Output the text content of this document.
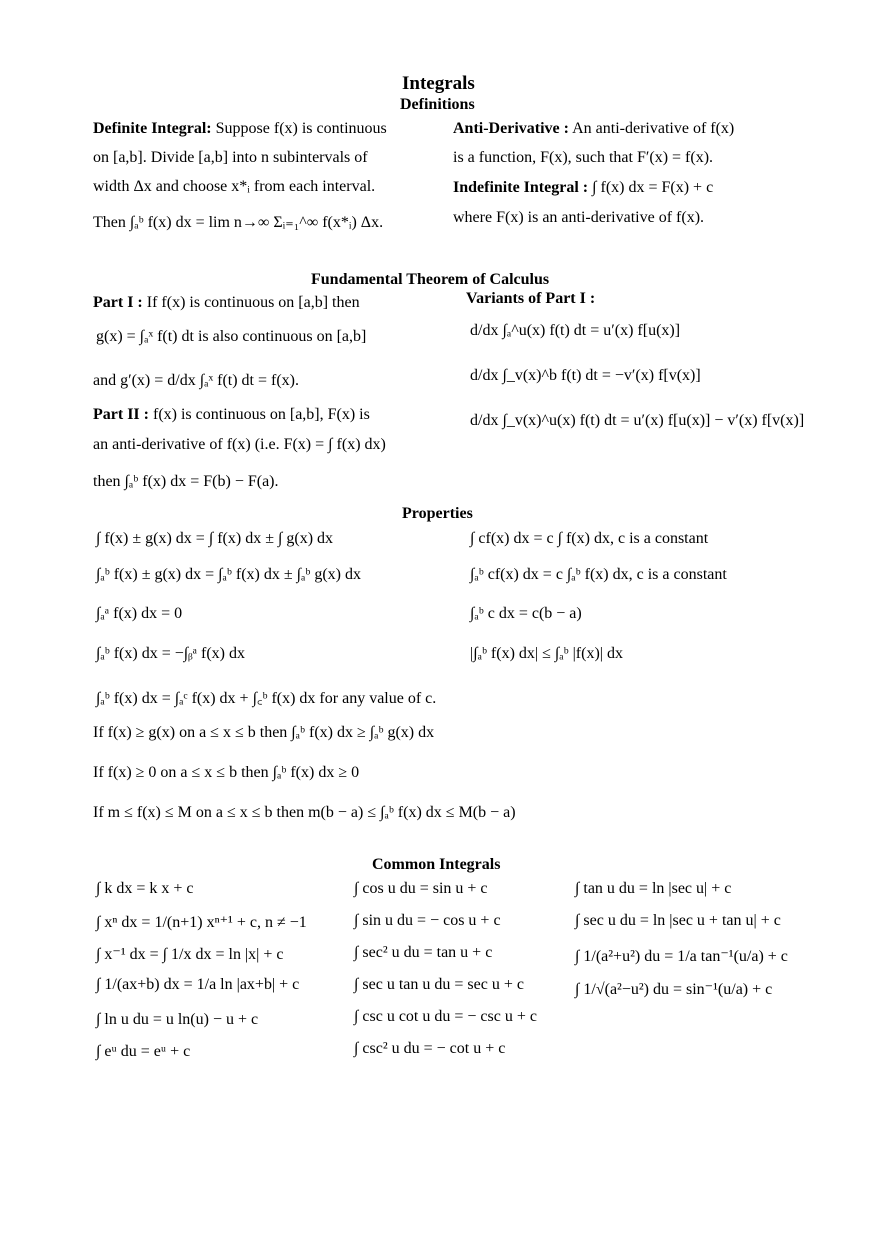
Integrals
Definitions
Definite Integral: Suppose f(x) is continuous
on [a,b]. Divide [a,b] into n subintervals of
width Δx and choose x*ᵢ from each interval.
Then ∫ₐᵇ f(x) dx = lim n→∞ Σᵢ₌₁^∞ f(x*ᵢ) Δx.
Anti-Derivative : An anti-derivative of f(x)
is a function, F(x), such that F′(x) = f(x).
Indefinite Integral : ∫ f(x) dx = F(x) + c
where F(x) is an anti-derivative of f(x).
Fundamental Theorem of Calculus
Part I : If f(x) is continuous on [a,b] then
g(x) = ∫ₐˣ f(t) dt is also continuous on [a,b]
and g′(x) = d/dx ∫ₐˣ f(t) dt = f(x).
Part II : f(x) is continuous on [a,b], F(x) is
an anti-derivative of f(x) (i.e. F(x) = ∫ f(x) dx)
then ∫ₐᵇ f(x) dx = F(b) − F(a).
Variants of Part I :
d/dx ∫ₐ^u(x) f(t) dt = u′(x) f[u(x)]
d/dx ∫_v(x)^b f(t) dt = −v′(x) f[v(x)]
d/dx ∫_v(x)^u(x) f(t) dt = u′(x) f[u(x)] − v′(x) f[v(x)]
Properties
∫ f(x) ± g(x) dx = ∫ f(x) dx ± ∫ g(x) dx	∫ cf(x) dx = c ∫ f(x) dx, c is a constant
∫ₐᵇ f(x) ± g(x) dx = ∫ₐᵇ f(x) dx ± ∫ₐᵇ g(x) dx	∫ₐᵇ cf(x) dx = c ∫ₐᵇ f(x) dx, c is a constant
∫ₐᵃ f(x) dx = 0	∫ₐᵇ c dx = c(b − a)
∫ₐᵇ f(x) dx = −∫ᵦᵃ f(x) dx	|∫ₐᵇ f(x) dx| ≤ ∫ₐᵇ |f(x)| dx
∫ₐᵇ f(x) dx = ∫ₐᶜ f(x) dx + ∫꜀ᵇ f(x) dx for any value of c.
If f(x) ≥ g(x) on a ≤ x ≤ b then ∫ₐᵇ f(x) dx ≥ ∫ₐᵇ g(x) dx
If f(x) ≥ 0 on a ≤ x ≤ b then ∫ₐᵇ f(x) dx ≥ 0
If m ≤ f(x) ≤ M on a ≤ x ≤ b then m(b − a) ≤ ∫ₐᵇ f(x) dx ≤ M(b − a)
Common Integrals
∫ k dx = k x + c
∫ xⁿ dx = 1/(n+1) xⁿ⁺¹ + c, n ≠ −1
∫ x⁻¹ dx = ∫ 1/x dx = ln |x| + c
∫ 1/(ax+b) dx = 1/a ln |ax+b| + c
∫ ln u du = u ln(u) − u + c
∫ eᵘ du = eᵘ + c
∫ cos u du = sin u + c
∫ sin u du = − cos u + c
∫ sec² u du = tan u + c
∫ sec u tan u du = sec u + c
∫ csc u cot u du = − csc u + c
∫ csc² u du = − cot u + c
∫ tan u du = ln |sec u| + c
∫ sec u du = ln |sec u + tan u| + c
∫ 1/(a²+u²) du = 1/a tan⁻¹(u/a) + c
∫ 1/√(a²−u²) du = sin⁻¹(u/a) + c
